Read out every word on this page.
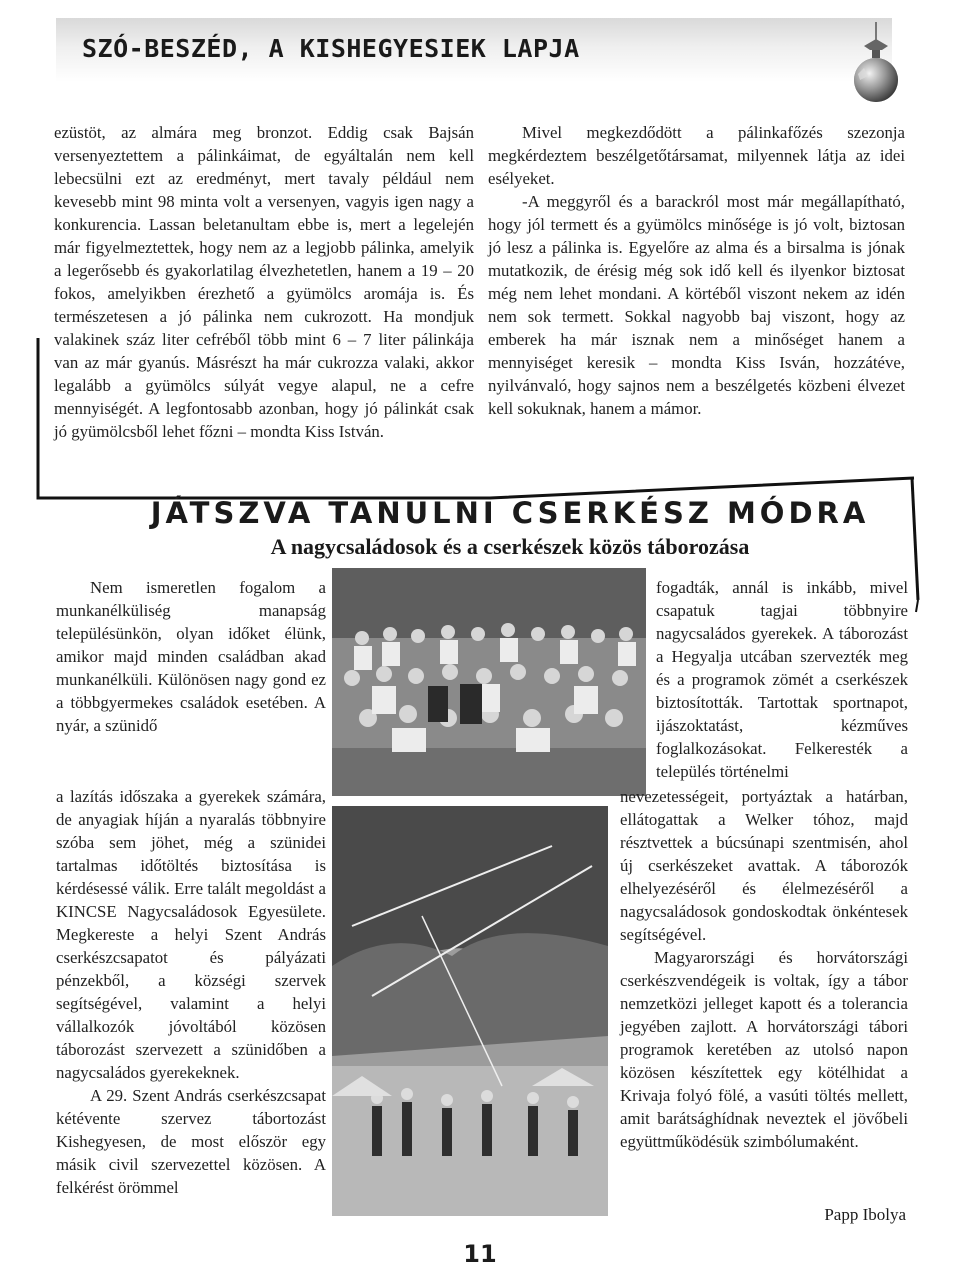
SZÓ-BESZÉD, A KISHEGYESIEK LAPJA

ezüstöt, az almára meg bronzot. Eddig csak Bajsán versenyeztettem a pálinkáimat, de egyáltalán nem kell lebecsülni ezt az eredményt, mert tavaly például nem kevesebb mint 98 minta volt a versenyen, vagyis igen nagy a konkurencia. Lassan beletanultam ebbe is, mert a legelején már figyelmeztettek, hogy nem az a legjobb pálinka, amelyik a legerősebb és gyakorlatilag élvezhetetlen, hanem a 19 – 20 fokos, amelyikben érezhető a gyümölcs aromája is. És természetesen a jó pálinka nem cukrozott. Ha mondjuk valakinek száz liter cefréből több mint 6 – 7 liter pálinkája van az már gyanús. Másrészt ha már cukrozza valaki, akkor legalább a gyümölcs súlyát vegye alapul, ne a cefre mennyiségét. A legfontosabb azonban, hogy jó pálinkát csak jó gyümölcsből lehet főzni – mondta Kiss István.

Mivel megkezdődött a pálinkafőzés szezonja megkérdeztem beszélgetőtársamat, milyennek látja az idei esélyeket.

-A meggyről és a barackról most már megállapítható, hogy jól termett és a gyümölcs minősége is jó volt, biztosan jó lesz a pálinka is. Egyelőre az alma és a birsalma is jónak mutatkozik, de érésig még sok idő kell és ilyenkor biztosat még nem lehet mondani. A körtéből viszont nekem az idén nem sok termett. Sokkal nagyobb baj viszont, hogy az emberek ha már isznak nem a minőséget hanem a mennyiséget keresik – mondta Kiss Isván, hozzátéve, nyilvánvaló, hogy sajnos nem a beszélgetés közbeni élvezet kell sokuknak, hanem a mámor.

JÁTSZVA TANULNI CSERKÉSZ MÓDRA
A nagycsaládosok és a cserkészek közös táborozása

Nem ismeretlen fogalom a munkanélküliség manapság településünkön, olyan időket élünk, amikor majd minden családban akad munkanélküli. Különösen nagy gond ez a többgyermekes családok esetében. A nyár, a szünidő

a lazítás időszaka a gyerekek számára, de anyagiak híján a nyaralás többnyire szóba sem jöhet, még a szünidei tartalmas időtöltés biztosítása is kérdésessé válik. Erre talált megoldást a KINCSE Nagycsaládosok Egyesülete. Megkereste a helyi Szent András cserkészcsapatot és pályázati pénzekből, a községi szervek segítségével, valamint a helyi vállalkozók jóvoltából közösen táborozást szervezett a szünidőben a nagycsaládos gyerekeknek.

A 29. Szent András cserkészcsapat kétévente szervez tábortozást Kishegyesen, de most először egy másik civil szervezettel közösen. A felkérést örömmel

fogadták, annál is inkább, mivel csapatuk tagjai többnyire nagycsaládos gyerekek. A táborozást a Hegyalja utcában szervezték meg és a programok zömét a cserkészek biztosították. Tartottak sportnapot, ijászoktatást, kézműves foglalkozásokat. Felkeresték a település történelmi

nevezetességeit, portyáztak a határban, ellátogattak a Welker tóhoz, majd résztvettek a búcsúnapi szentmisén, ahol új cserkészeket avattak. A táborozók elhelyezéséről és élelmezéséről a nagycsaládosok gondoskodtak önkéntesek segítségével.

Magyarországi és horvátországi cserkészvendégeik is voltak, így a tábor nemzetközi jelleget kapott és a tolerancia jegyében zajlott. A horvátországi tábori programok keretében az utolsó napon közösen készítettek egy kötélhidat a Krivaja folyó fölé, a vasúti töltés mellett, amit barátsághídnak neveztek el jövőbeli együttműködésük szimbólumaként.

Papp Ibolya
11
